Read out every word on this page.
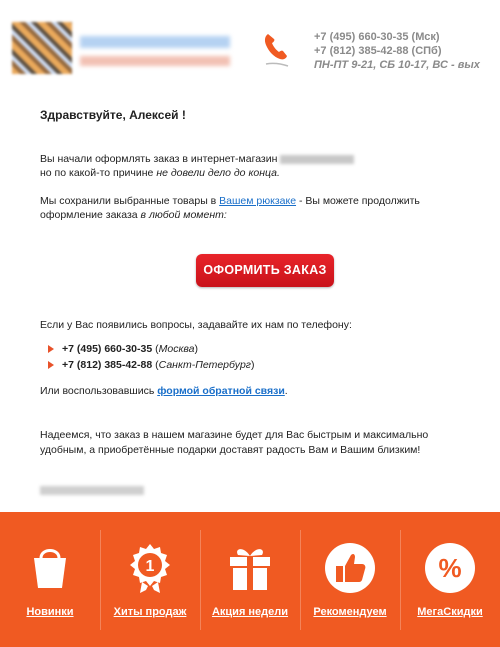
+7 (495) 660-30-35 (Мск)
+7 (812) 385-42-88 (СПб)
ПН-ПТ 9-21, СБ 10-17, ВС - вых
Здравствуйте, Алексей !
Вы начали оформлять заказ в интернет-магазин
но по какой-то причине не довели дело до конца.
Мы сохранили выбранные товары в Вашем рюкзаке - Вы можете продолжить оформление заказа в любой момент:
ОФОРМИТЬ ЗАКАЗ
Если у Вас появились вопросы, задавайте их нам по телефону:
+7 (495) 660-30-35 (Москва)
+7 (812) 385-42-88 (Санкт-Петербург)
Или воспользовавшись формой обратной связи.
Надеемся, что заказ в нашем магазине будет для Вас быстрым и максимально удобным, а приобретённые подарки доставят радость Вам и Вашим близким!
Новинки
1
Хиты продаж	Акция недели	Рекомендуем
%
МегаСкидки
